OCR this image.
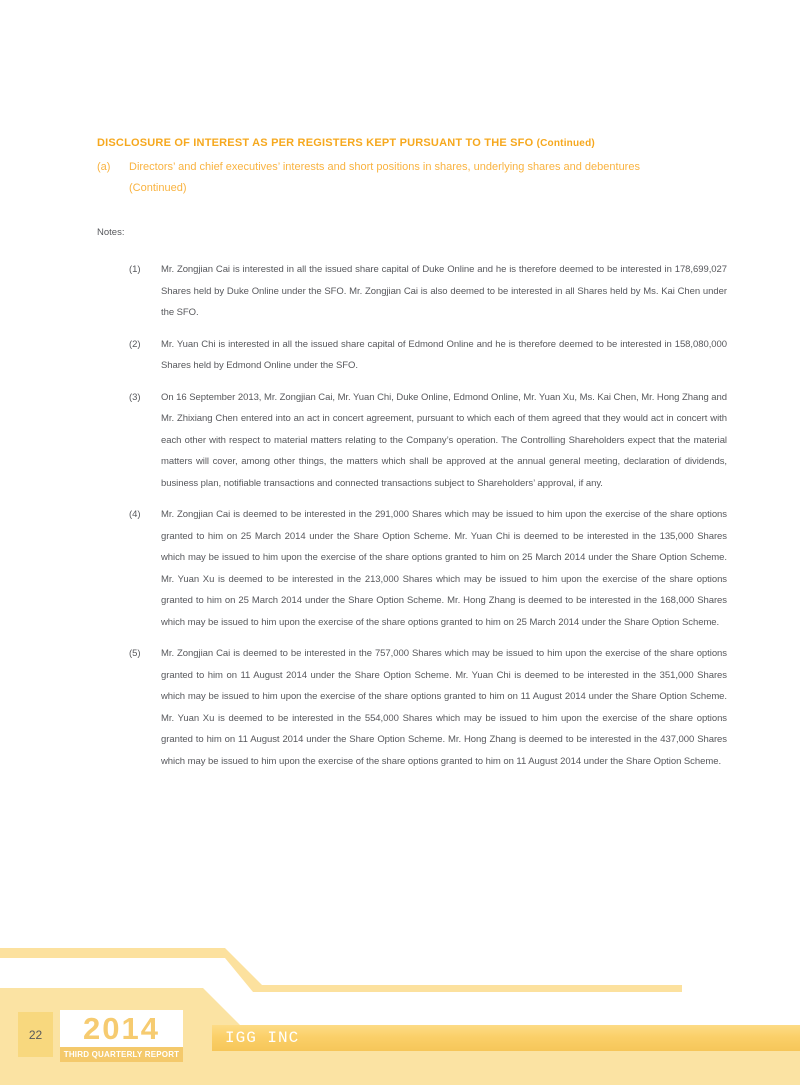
DISCLOSURE OF INTEREST AS PER REGISTERS KEPT PURSUANT TO THE SFO (Continued)
(a)	Directors’ and chief executives’ interests and short positions in shares, underlying shares and debentures
(Continued)
Notes:
(1) Mr. Zongjian Cai is interested in all the issued share capital of Duke Online and he is therefore deemed to be interested in 178,699,027 Shares held by Duke Online under the SFO. Mr. Zongjian Cai is also deemed to be interested in all Shares held by Ms. Kai Chen under the SFO.

(2) Mr. Yuan Chi is interested in all the issued share capital of Edmond Online and he is therefore deemed to be interested in 158,080,000 Shares held by Edmond Online under the SFO.

(3) On 16 September 2013, Mr. Zongjian Cai, Mr. Yuan Chi, Duke Online, Edmond Online, Mr. Yuan Xu, Ms. Kai Chen, Mr. Hong Zhang and Mr. Zhixiang Chen entered into an act in concert agreement, pursuant to which each of them agreed that they would act in concert with each other with respect to material matters relating to the Company’s operation. The Controlling Shareholders expect that the material matters will cover, among other things, the matters which shall be approved at the annual general meeting, declaration of dividends, business plan, notifiable transactions and connected transactions subject to Shareholders’ approval, if any.

(4) Mr. Zongjian Cai is deemed to be interested in the 291,000 Shares which may be issued to him upon the exercise of the share options granted to him on 25 March 2014 under the Share Option Scheme. Mr. Yuan Chi is deemed to be interested in the 135,000 Shares which may be issued to him upon the exercise of the share options granted to him on 25 March 2014 under the Share Option Scheme. Mr. Yuan Xu is deemed to be interested in the 213,000 Shares which may be issued to him upon the exercise of the share options granted to him on 25 March 2014 under the Share Option Scheme. Mr. Hong Zhang is deemed to be interested in the 168,000 Shares which may be issued to him upon the exercise of the share options granted to him on 25 March 2014 under the Share Option Scheme.

(5) Mr. Zongjian Cai is deemed to be interested in the 757,000 Shares which may be issued to him upon the exercise of the share options granted to him on 11 August 2014 under the Share Option Scheme. Mr. Yuan Chi is deemed to be interested in the 351,000 Shares which may be issued to him upon the exercise of the share options granted to him on 11 August 2014 under the Share Option Scheme. Mr. Yuan Xu is deemed to be interested in the 554,000 Shares which may be issued to him upon the exercise of the share options granted to him on 11 August 2014 under the Share Option Scheme. Mr. Hong Zhang is deemed to be interested in the 437,000 Shares which may be issued to him upon the exercise of the share options granted to him on 11 August 2014 under the Share Option Scheme.

22	2014
THIRD QUARTERLY REPORT
IGG INC
